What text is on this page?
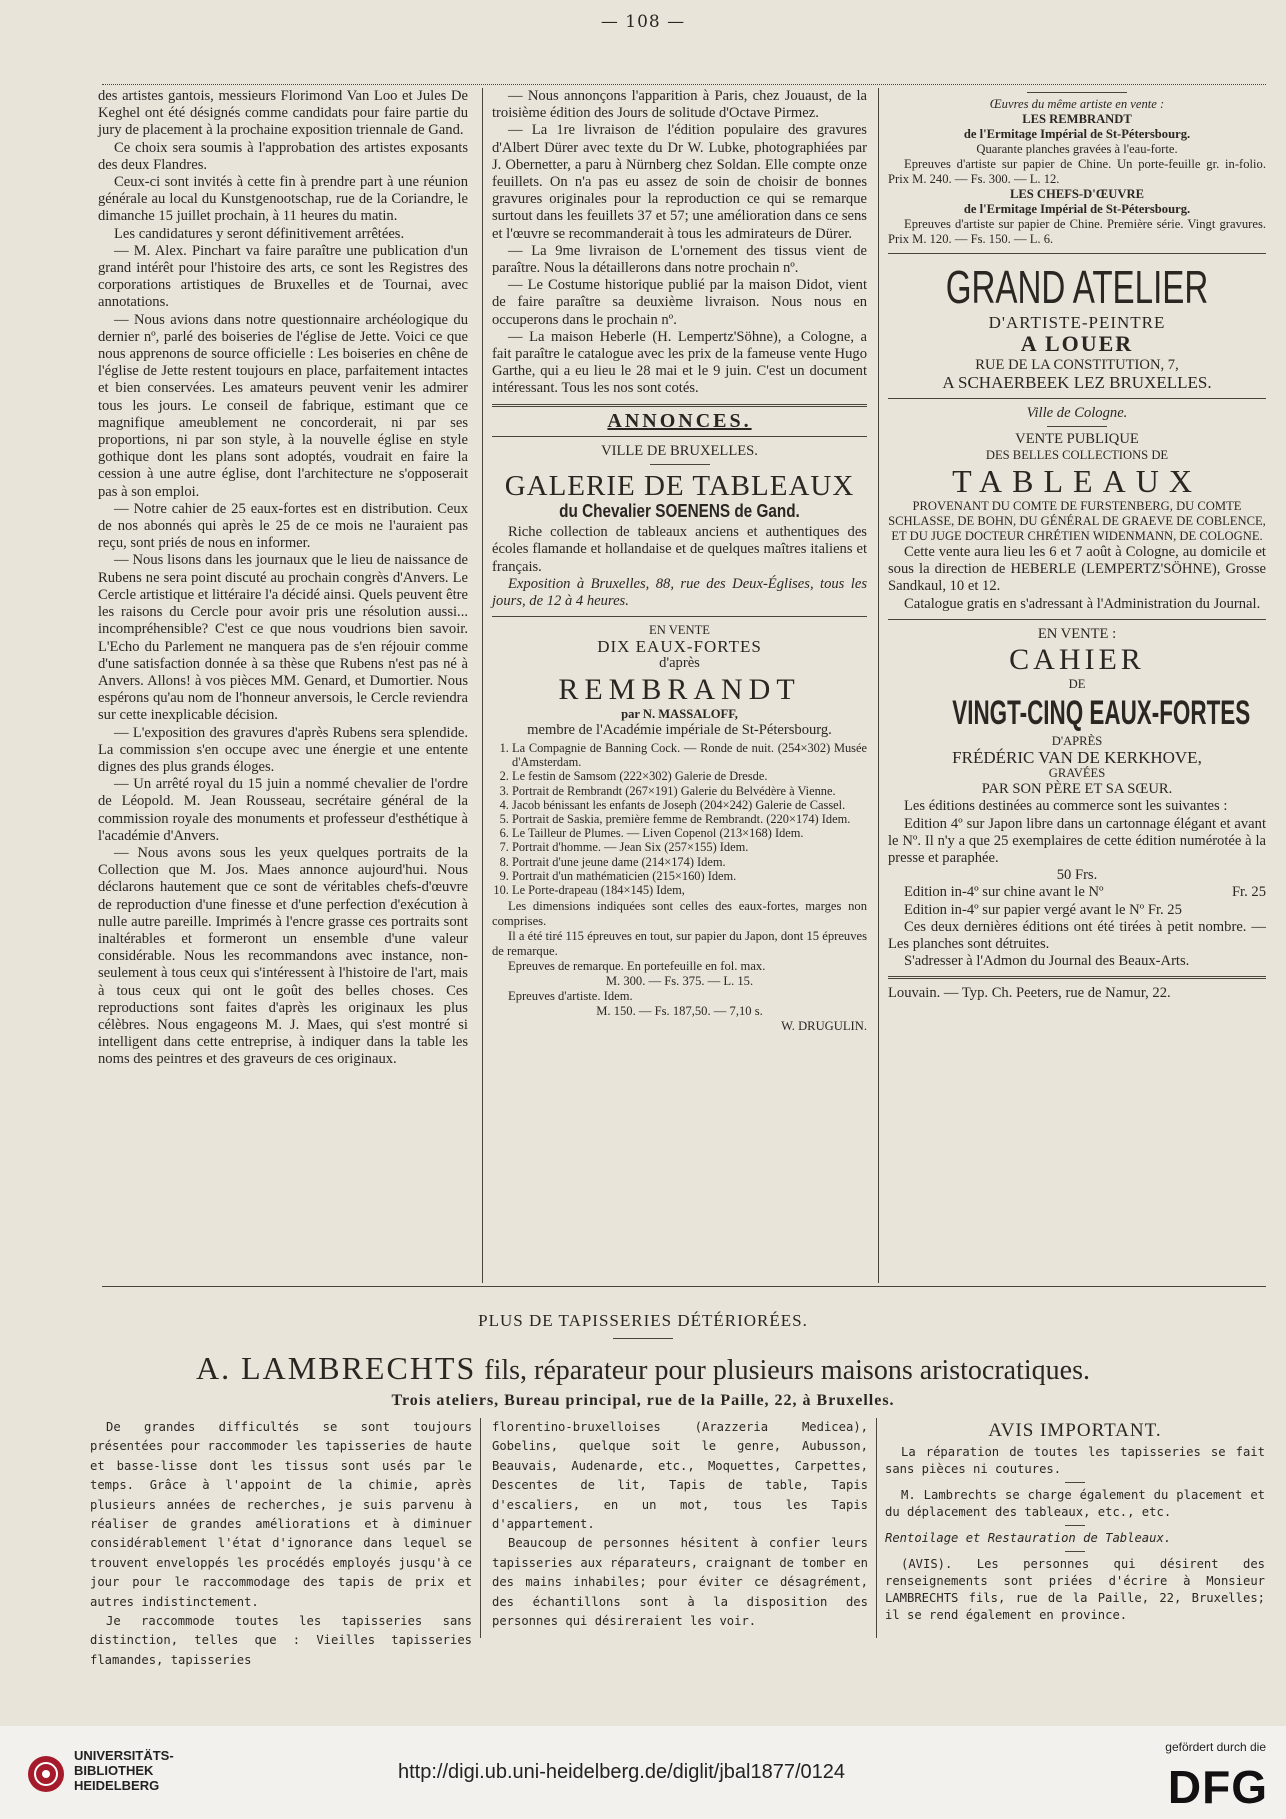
— 108 —

des artistes gantois, messieurs Florimond Van Loo et Jules De Keghel ont été désignés comme candidats pour faire partie du jury de placement à la prochaine exposition triennale de Gand.

Ce choix sera soumis à l'approbation des artistes exposants des deux Flandres.

Ceux-ci sont invités à cette fin à prendre part à une réunion générale au local du Kunstgenootschap, rue de la Coriandre, le dimanche 15 juillet prochain, à 11 heures du matin.

Les candidatures y seront définitivement arrêtées.

— M. Alex. Pinchart va faire paraître une publication d'un grand intérêt pour l'histoire des arts, ce sont les Registres des corporations artistiques de Bruxelles et de Tournai, avec annotations.

— Nous avions dans notre questionnaire archéologique du dernier nº, parlé des boiseries de l'église de Jette. Voici ce que nous apprenons de source officielle : Les boiseries en chêne de l'église de Jette restent toujours en place, parfaitement intactes et bien conservées. Les amateurs peuvent venir les admirer tous les jours. Le conseil de fabrique, estimant que ce magnifique ameublement ne concorderait, ni par ses proportions, ni par son style, à la nouvelle église en style gothique dont les plans sont adoptés, voudrait en faire la cession à une autre église, dont l'architecture ne s'opposerait pas à son emploi.

— Notre cahier de 25 eaux-fortes est en distribution. Ceux de nos abonnés qui après le 25 de ce mois ne l'auraient pas reçu, sont priés de nous en informer.

— Nous lisons dans les journaux que le lieu de naissance de Rubens ne sera point discuté au prochain congrès d'Anvers. Le Cercle artistique et littéraire l'a décidé ainsi. Quels peuvent être les raisons du Cercle pour avoir pris une résolution aussi... incompréhensible? C'est ce que nous voudrions bien savoir. L'Echo du Parlement ne manquera pas de s'en réjouir comme d'une satisfaction donnée à sa thèse que Rubens n'est pas né à Anvers. Allons! à vos pièces MM. Genard, et Dumortier. Nous espérons qu'au nom de l'honneur anversois, le Cercle reviendra sur cette inexplicable décision.

— L'exposition des gravures d'après Rubens sera splendide. La commission s'en occupe avec une énergie et une entente dignes des plus grands éloges.

— Un arrêté royal du 15 juin a nommé chevalier de l'ordre de Léopold. M. Jean Rousseau, secrétaire général de la commission royale des monuments et professeur d'esthétique à l'académie d'Anvers.

— Nous avons sous les yeux quelques portraits de la Collection que M. Jos. Maes annonce aujourd'hui. Nous déclarons hautement que ce sont de véritables chefs-d'œuvre de reproduction d'une finesse et d'une perfection d'exécution à nulle autre pareille. Imprimés à l'encre grasse ces portraits sont inaltérables et formeront un ensemble d'une valeur considérable. Nous les recommandons avec instance, non-seulement à tous ceux qui s'intéressent à l'histoire de l'art, mais à tous ceux qui ont le goût des belles choses. Ces reproductions sont faites d'après les originaux les plus célèbres. Nous engageons M. J. Maes, qui s'est montré si intelligent dans cette entreprise, à indiquer dans la table les noms des peintres et des graveurs de ces originaux.

— Nous annonçons l'apparition à Paris, chez Jouaust, de la troisième édition des Jours de solitude d'Octave Pirmez.

— La 1re livraison de l'édition populaire des gravures d'Albert Dürer avec texte du Dr W. Lubke, photographiées par J. Obernetter, a paru à Nürnberg chez Soldan. Elle compte onze feuillets. On n'a pas eu assez de soin de choisir de bonnes gravures originales pour la reproduction ce qui se remarque surtout dans les feuillets 37 et 57; une amélioration dans ce sens et l'œuvre se recommanderait à tous les admirateurs de Dürer.

— La 9me livraison de L'ornement des tissus vient de paraître. Nous la détaillerons dans notre prochain nº.

— Le Costume historique publié par la maison Didot, vient de faire paraître sa deuxième livraison. Nous nous en occuperons dans le prochain nº.

— La maison Heberle (H. Lempertz'Söhne), a Cologne, a fait paraître le catalogue avec les prix de la fameuse vente Hugo Garthe, qui a eu lieu le 28 mai et le 9 juin. C'est un document intéressant. Tous les nos sont cotés.

ANNONCES.

VILLE DE BRUXELLES.

GALERIE DE TABLEAUX
du Chevalier SOENENS de Gand.

Riche collection de tableaux anciens et authentiques des écoles flamande et hollandaise et de quelques maîtres italiens et français.

Exposition à Bruxelles, 88, rue des Deux-Églises, tous les jours, de 12 à 4 heures.

EN VENTE

DIX EAUX-FORTES

d'après

REMBRANDT

par N. MASSALOFF,

membre de l'Académie impériale de St-Pétersbourg.

1. La Compagnie de Banning Cock. — Ronde de nuit. (254×302) Musée d'Amsterdam.
2. Le festin de Samsom (222×302) Galerie de Dresde.
3. Portrait de Rembrandt (267×191) Galerie du Belvédère à Vienne.
4. Jacob bénissant les enfants de Joseph (204×242) Galerie de Cassel.
5. Portrait de Saskia, première femme de Rembrandt. (220×174) Idem.
6. Le Tailleur de Plumes. — Liven Copenol (213×168) Idem.
7. Portrait d'homme. — Jean Six (257×155) Idem.
8. Portrait d'une jeune dame (214×174) Idem.
9. Portrait d'un mathématicien (215×160) Idem.
10. Le Porte-drapeau (184×145) Idem,

Les dimensions indiquées sont celles des eaux-fortes, marges non comprises.

Il a été tiré 115 épreuves en tout, sur papier du Japon, dont 15 épreuves de remarque.

Epreuves de remarque. En portefeuille en fol. max.

M. 300. — Fs. 375. — L. 15.

Epreuves d'artiste. Idem.

M. 150. — Fs. 187,50. — 7,10 s.

W. DRUGULIN.

Œuvres du même artiste en vente :

LES REMBRANDT

de l'Ermitage Impérial de St-Pétersbourg.

Quarante planches gravées à l'eau-forte.

Epreuves d'artiste sur papier de Chine. Un porte-feuille gr. in-folio. Prix M. 240. — Fs. 300. — L. 12.

LES CHEFS-D'ŒUVRE

de l'Ermitage Impérial de St-Pétersbourg.

Epreuves d'artiste sur papier de Chine. Première série. Vingt gravures. Prix M. 120. — Fs. 150. — L. 6.

GRAND ATELIER

D'ARTISTE-PEINTRE

A LOUER

RUE DE LA CONSTITUTION, 7,

A SCHAERBEEK LEZ BRUXELLES.

Ville de Cologne.

VENTE PUBLIQUE

DES BELLES COLLECTIONS DE

TABLEAUX

PROVENANT DU COMTE DE FURSTENBERG, DU COMTE SCHLASSE, DE BOHN, DU GÉNÉRAL DE GRAEVE DE COBLENCE, ET DU JUGE DOCTEUR CHRÉTIEN WIDENMANN, DE COLOGNE.

Cette vente aura lieu les 6 et 7 août à Cologne, au domicile et sous la direction de HEBERLE (LEMPERTZ'SÖHNE), Grosse Sandkaul, 10 et 12.

Catalogue gratis en s'adressant à l'Administration du Journal.

EN VENTE :

CAHIER

DE

VINGT-CINQ EAUX-FORTES

D'APRÈS

FRÉDÉRIC VAN DE KERKHOVE,

GRAVÉES

PAR SON PÈRE ET SA SŒUR.

Les éditions destinées au commerce sont les suivantes :

Edition 4º sur Japon libre dans un cartonnage élégant et avant le Nº. Il n'y a que 25 exemplaires de cette édition numérotée à la presse et paraphée.

50 Frs.

Edition in-4º sur chine avant le Nº	Fr. 25

Edition in-4º sur papier vergé avant le Nº Fr. 25

Ces deux dernières éditions ont été tirées à petit nombre. — Les planches sont détruites.

S'adresser à l'Admon du Journal des Beaux-Arts.

Louvain. — Typ. Ch. Peeters, rue de Namur, 22.

PLUS DE TAPISSERIES DÉTÉRIORÉES.
A. LAMBRECHTS fils, réparateur pour plusieurs maisons aristocratiques.
Trois ateliers, Bureau principal, rue de la Paille, 22, à Bruxelles.

De grandes difficultés se sont toujours présentées pour raccommoder les tapisseries de haute et basse-lisse dont les tissus sont usés par le temps. Grâce à l'appoint de la chimie, après plusieurs années de recherches, je suis parvenu à réaliser de grandes améliorations et à diminuer considérablement l'état d'ignorance dans lequel se trouvent enveloppés les procédés employés jusqu'à ce jour pour le raccommodage des tapis de prix et autres indistinctement.

Je raccommode toutes les tapisseries sans distinction, telles que : Vieilles tapisseries flamandes, tapisseries

florentino-bruxelloises (Arazzeria Medicea), Gobelins, quelque soit le genre, Aubusson, Beauvais, Audenarde, etc., Moquettes, Carpettes, Descentes de lit, Tapis de table, Tapis d'escaliers, en un mot, tous les Tapis d'appartement.

Beaucoup de personnes hésitent à confier leurs tapisseries aux réparateurs, craignant de tomber en des mains inhabiles; pour éviter ce désagrément, des échantillons sont à la disposition des personnes qui désireraient les voir.

AVIS IMPORTANT.

La réparation de toutes les tapisseries se fait sans pièces ni coutures.

M. Lambrechts se charge également du placement et du déplacement des tableaux, etc., etc.

Rentoilage et Restauration de Tableaux.

(AVIS). Les personnes qui désirent des renseignements sont priées d'écrire à Monsieur LAMBRECHTS fils, rue de la Paille, 22, Bruxelles; il se rend également en province.

UNIVERSITÄTS-
BIBLIOTHEK
HEIDELBERG
http://digi.ub.uni-heidelberg.de/diglit/jbal1877/0124
gefördert durch die
DFG
